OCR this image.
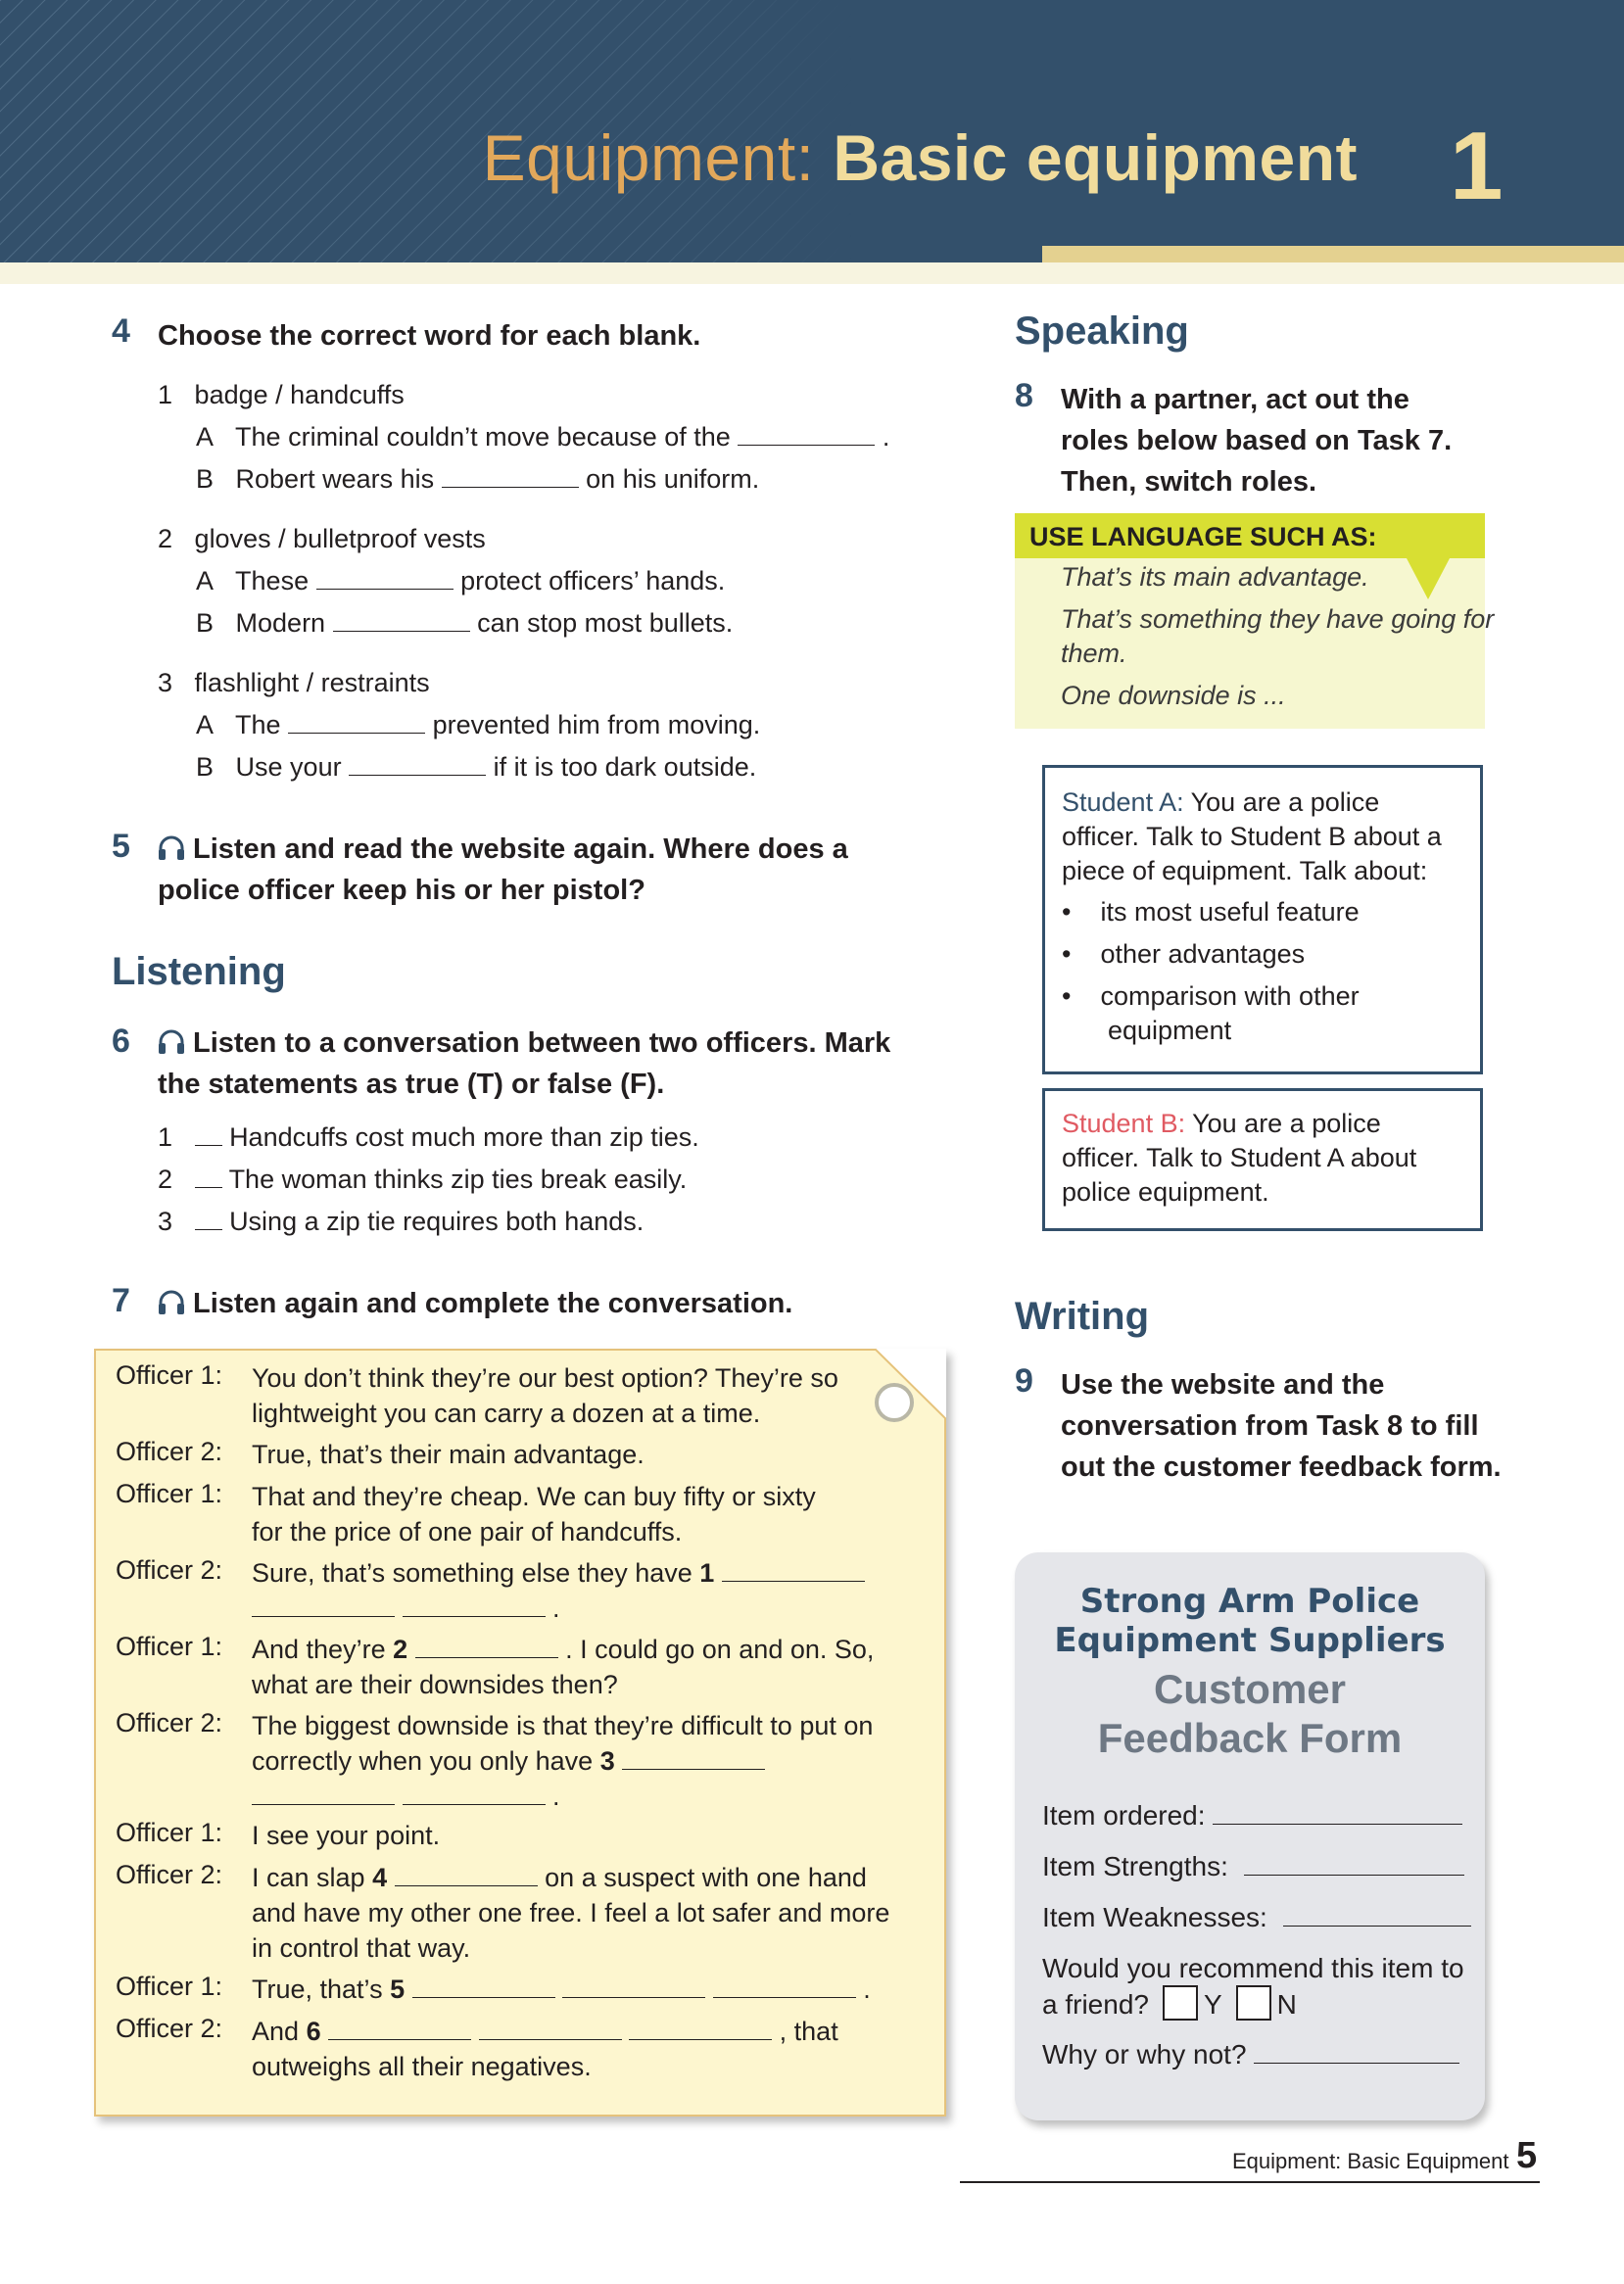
Equipment: Basic equipment 1
4 Choose the correct word for each blank.
1 badge / handcuffs
A The criminal couldn’t move because of the	.
B Robert wears his	on his uniform.
2 gloves / bulletproof vests
A These	protect officers’ hands.
B Modern	can stop most bullets.
3 flashlight / restraints
A The	prevented him from moving.
B Use your	if it is too dark outside.
5	Listen and read the website again. Where does a
police officer keep his or her pistol?
Listening
6	Listen to a conversation between two officers. Mark
the statements as true (T) or false (F).
1 Handcuffs cost much more than zip ties.
2 The woman thinks zip ties break easily.
3 Using a zip tie requires both hands.
7	Listen again and complete the conversation.
Officer 1: You don’t think they’re our best option? They’re so
lightweight you can carry a dozen at a time.
Officer 2: True, that’s their main advantage.
Officer 1: That and they’re cheap. We can buy fifty or sixty
for the price of one pair of handcuffs.
Officer 2: Sure, that’s something else they have 1
.
Officer 1: And they’re 2	. I could go on and on. So,
what are their downsides then?
Officer 2: The biggest downside is that they’re difficult to put on
correctly when you only have 3
.
Officer 1: I see your point.
Officer 2: I can slap 4	on a suspect with one hand
and have my other one free. I feel a lot safer and more
in control that way.
Officer 1: True, that’s 5	.
Officer 2: And 6	, that
outweighs all their negatives.
Speaking
8 With a partner, act out the
roles below based on Task 7.
Then, switch roles.
USE LANGUAGE SUCH AS:
That’s its main advantage.
That’s something they have going for
them.
One downside is ...
Student A: You are a police
officer. Talk to Student B about a
piece of equipment. Talk about:
•    its most useful feature
•    other advantages
•    comparison with other
equipment
Student B: You are a police
officer. Talk to Student A about
police equipment.
Writing
9 Use the website and the
conversation from Task 8 to fill
out the customer feedback form.
Strong Arm Police
Equipment Suppliers
Customer
Feedback Form
Item ordered:
Item Strengths:
Item Weaknesses:
Would you recommend this item to
a friend? Y N
Why or why not?
Equipment: Basic Equipment 5
